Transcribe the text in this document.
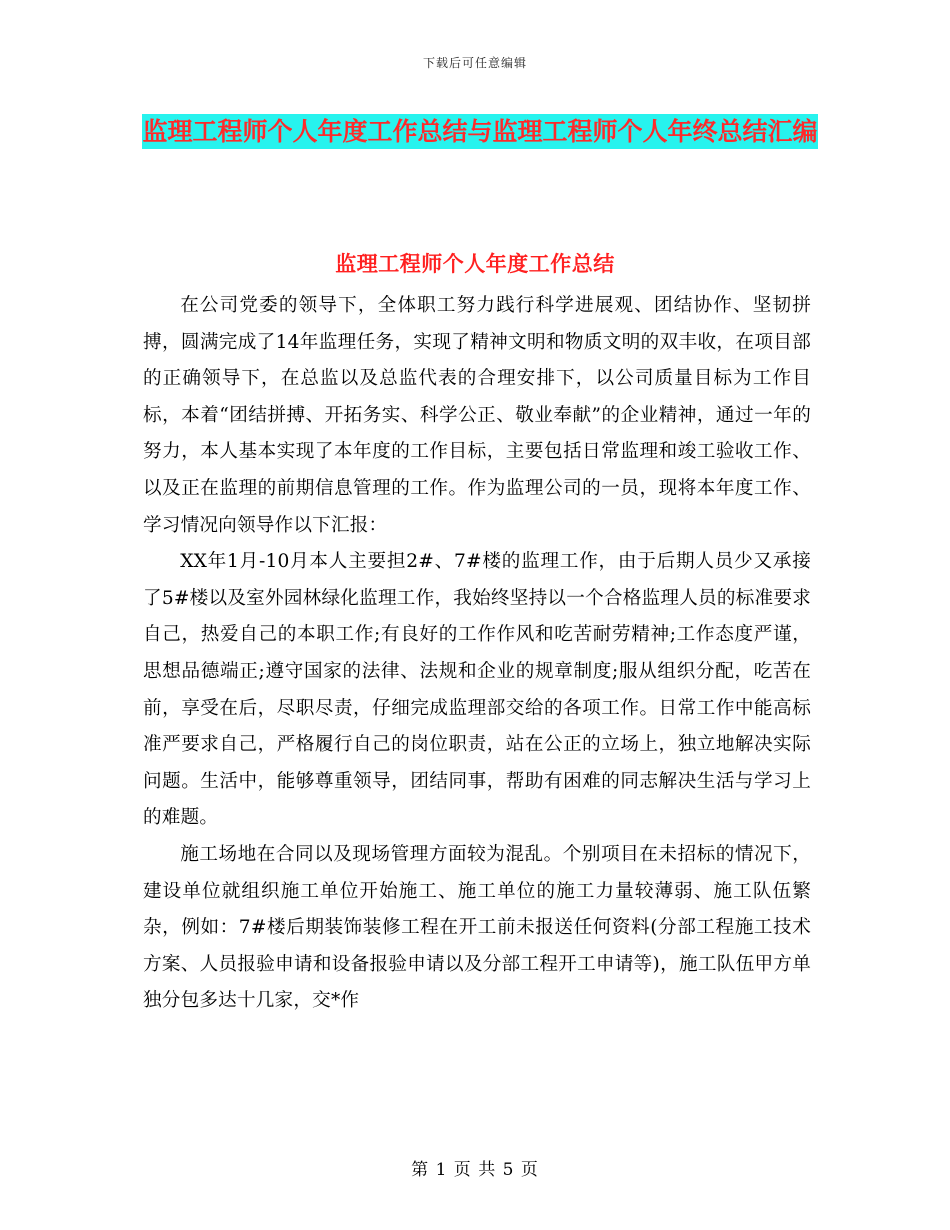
下载后可任意编辑
监理工程师个人年度工作总结与监理工程师个人年终总结汇编
监理工程师个人年度工作总结

在公司党委的领导下，全体职工努力践行科学进展观、团结协作、坚韧拼搏，圆满完成了14年监理任务，实现了精神文明和物质文明的双丰收，在项目部的正确领导下，在总监以及总监代表的合理安排下，以公司质量目标为工作目标，本着“团结拼搏、开拓务实、科学公正、敬业奉献”的企业精神，通过一年的努力，本人基本实现了本年度的工作目标，主要包括日常监理和竣工验收工作、以及正在监理的前期信息管理的工作。作为监理公司的一员，现将本年度工作、学习情况向领导作以下汇报：

XX年1月-10月本人主要担2#、7#楼的监理工作，由于后期人员少又承接了5#楼以及室外园林绿化监理工作，我始终坚持以一个合格监理人员的标准要求自己，热爱自己的本职工作;有良好的工作作风和吃苦耐劳精神;工作态度严谨，思想品德端正;遵守国家的法律、法规和企业的规章制度;服从组织分配，吃苦在前，享受在后，尽职尽责，仔细完成监理部交给的各项工作。日常工作中能高标准严要求自己，严格履行自己的岗位职责，站在公正的立场上，独立地解决实际问题。生活中，能够尊重领导，团结同事，帮助有困难的同志解决生活与学习上的难题。

施工场地在合同以及现场管理方面较为混乱。个别项目在未招标的情况下，建设单位就组织施工单位开始施工、施工单位的施工力量较薄弱、施工队伍繁杂，例如：7#楼后期装饰装修工程在开工前未报送任何资料(分部工程施工技术方案、人员报验申请和设备报验申请以及分部工程开工申请等)，施工队伍甲方单独分包多达十几家，交*作

第 1 页 共 5 页
